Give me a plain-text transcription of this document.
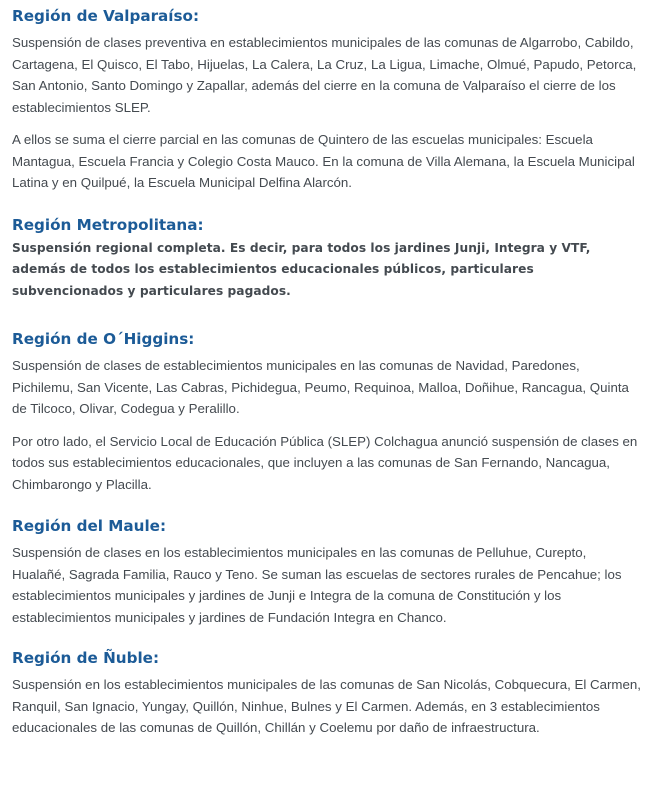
Región de Valparaíso:

Suspensión de clases preventiva en establecimientos municipales de las comunas de Algarrobo, Cabildo, Cartagena, El Quisco, El Tabo, Hijuelas, La Calera, La Cruz, La Ligua, Limache, Olmué, Papudo, Petorca, San Antonio, Santo Domingo y Zapallar, además del cierre en la comuna de Valparaíso el cierre de los establecimientos SLEP.

A ellos se suma el cierre parcial en las comunas de Quintero de las escuelas municipales: Escuela Mantagua, Escuela Francia y Colegio Costa Mauco. En la comuna de Villa Alemana, la Escuela Municipal Latina y en Quilpué, la Escuela Municipal Delfina Alarcón.

Región Metropolitana:

Suspensión regional completa. Es decir, para todos los jardines Junji, Integra y VTF, además de todos los establecimientos educacionales públicos, particulares subvencionados y particulares pagados.

Región de O´Higgins:

Suspensión de clases de establecimientos municipales en las comunas de Navidad, Paredones, Pichilemu, San Vicente, Las Cabras, Pichidegua, Peumo, Requinoa, Malloa, Doñihue, Rancagua, Quinta de Tilcoco, Olivar, Codegua y Peralillo.

Por otro lado, el Servicio Local de Educación Pública (SLEP) Colchagua anunció suspensión de clases en todos sus establecimientos educacionales, que incluyen a las comunas de San Fernando, Nancagua, Chimbarongo y Placilla.

Región del Maule:

Suspensión de clases en los establecimientos municipales en las comunas de Pelluhue, Curepto, Hualañé, Sagrada Familia, Rauco y Teno. Se suman las escuelas de sectores rurales de Pencahue; los establecimientos municipales y jardines de Junji e Integra de la comuna de Constitución y los establecimientos municipales y jardines de Fundación Integra en Chanco.

Región de Ñuble:

Suspensión en los establecimientos municipales de las comunas de San Nicolás, Cobquecura, El Carmen, Ranquil, San Ignacio, Yungay, Quillón, Ninhue, Bulnes y El Carmen. Además, en 3 establecimientos educacionales de las comunas de Quillón, Chillán y Coelemu por daño de infraestructura.
